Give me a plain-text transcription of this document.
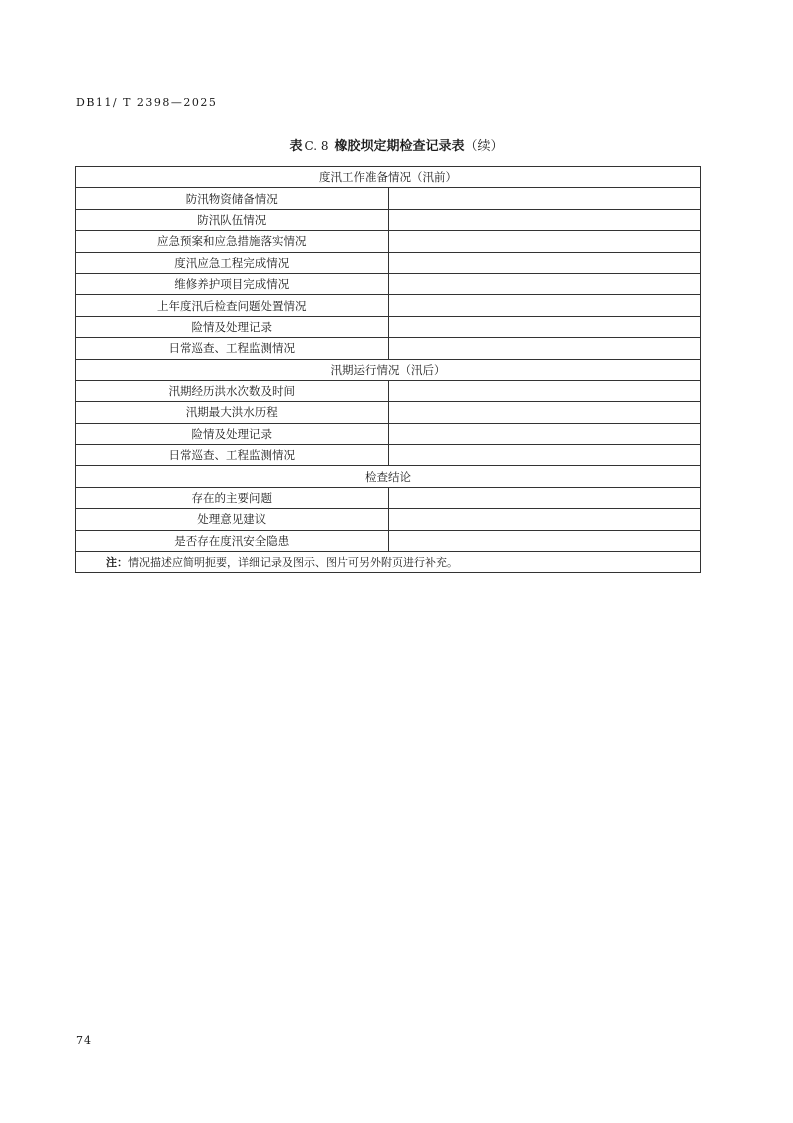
DB11/ T 2398—2025
表 C. 8 橡胶坝定期检查记录表（续）
度汛工作准备情况（汛前）	
防汛物资储备情况	
防汛队伍情况	
应急预案和应急措施落实情况	
度汛应急工程完成情况	
维修养护项目完成情况	
上年度汛后检查问题处置情况	
险情及处理记录	
日常巡查、工程监测情况	
汛期运行情况（汛后）	
汛期经历洪水次数及时间	
汛期最大洪水历程	
险情及处理记录	
日常巡查、工程监测情况	
检查结论	
存在的主要问题	
处理意见建议	
是否存在度汛安全隐患	
注：情况描述应简明扼要，详细记录及图示、图片可另外附页进行补充。	
74
